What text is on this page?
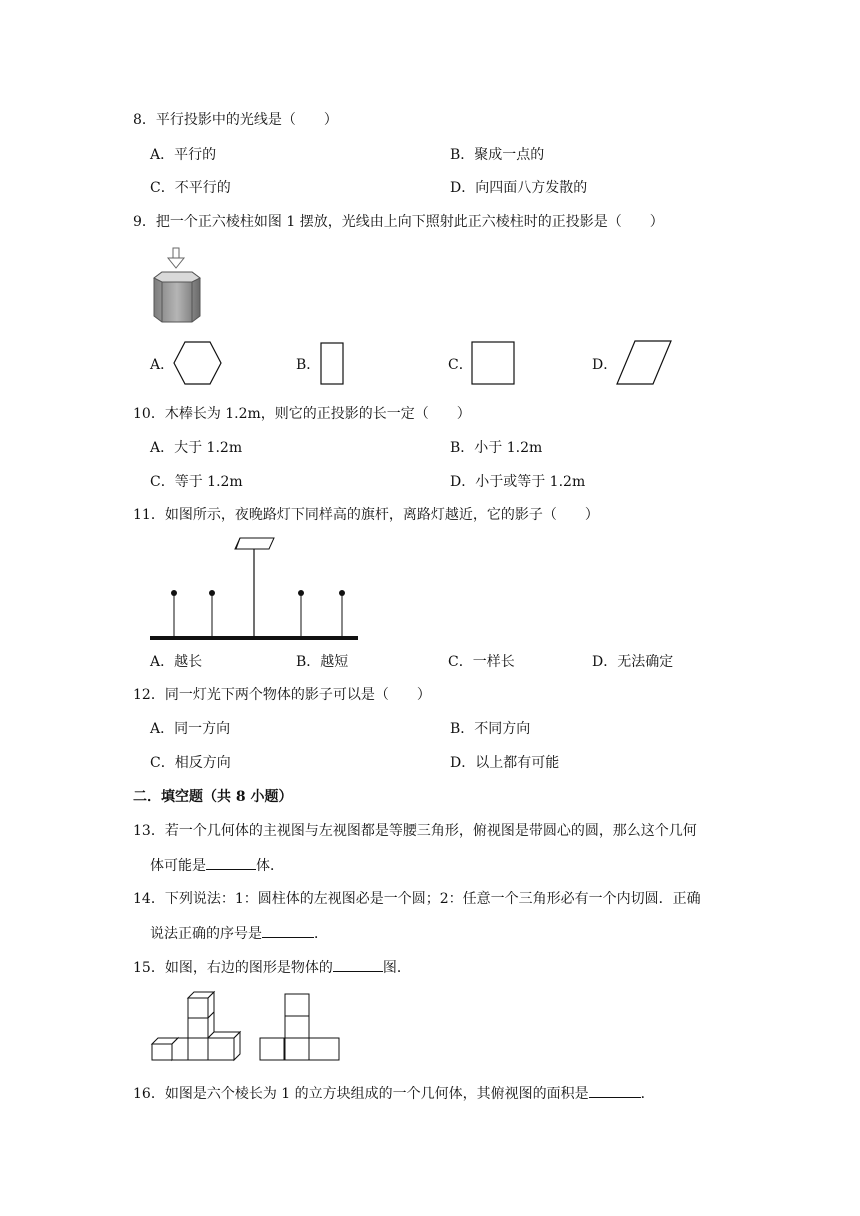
8．平行投影中的光线是（　　）
A．平行的	B．聚成一点的
C．不平行的	D．向四面八方发散的
9．把一个正六棱柱如图 1 摆放，光线由上向下照射此正六棱柱时的正投影是（　　）
A．	B．	C．	D．
10．木棒长为 1.2m，则它的正投影的长一定（　　）
A．大于 1.2m	B．小于 1.2m
C．等于 1.2m	D．小于或等于 1.2m
11．如图所示，夜晚路灯下同样高的旗杆，离路灯越近，它的影子（　　）
A．越长	B．越短	C．一样长	D．无法确定
12．同一灯光下两个物体的影子可以是（　　）
A．同一方向	B．不同方向
C．相反方向	D．以上都有可能
二．填空题（共 8 小题）
13．若一个几何体的主视图与左视图都是等腰三角形，俯视图是带圆心的圆，那么这个几何
体可能是	体．
14．下列说法：1：圆柱体的左视图必是一个圆；2：任意一个三角形必有一个内切圆．正确
说法正确的序号是	．
15．如图，右边的图形是物体的	图．
16．如图是六个棱长为 1 的立方块组成的一个几何体，其俯视图的面积是	．
